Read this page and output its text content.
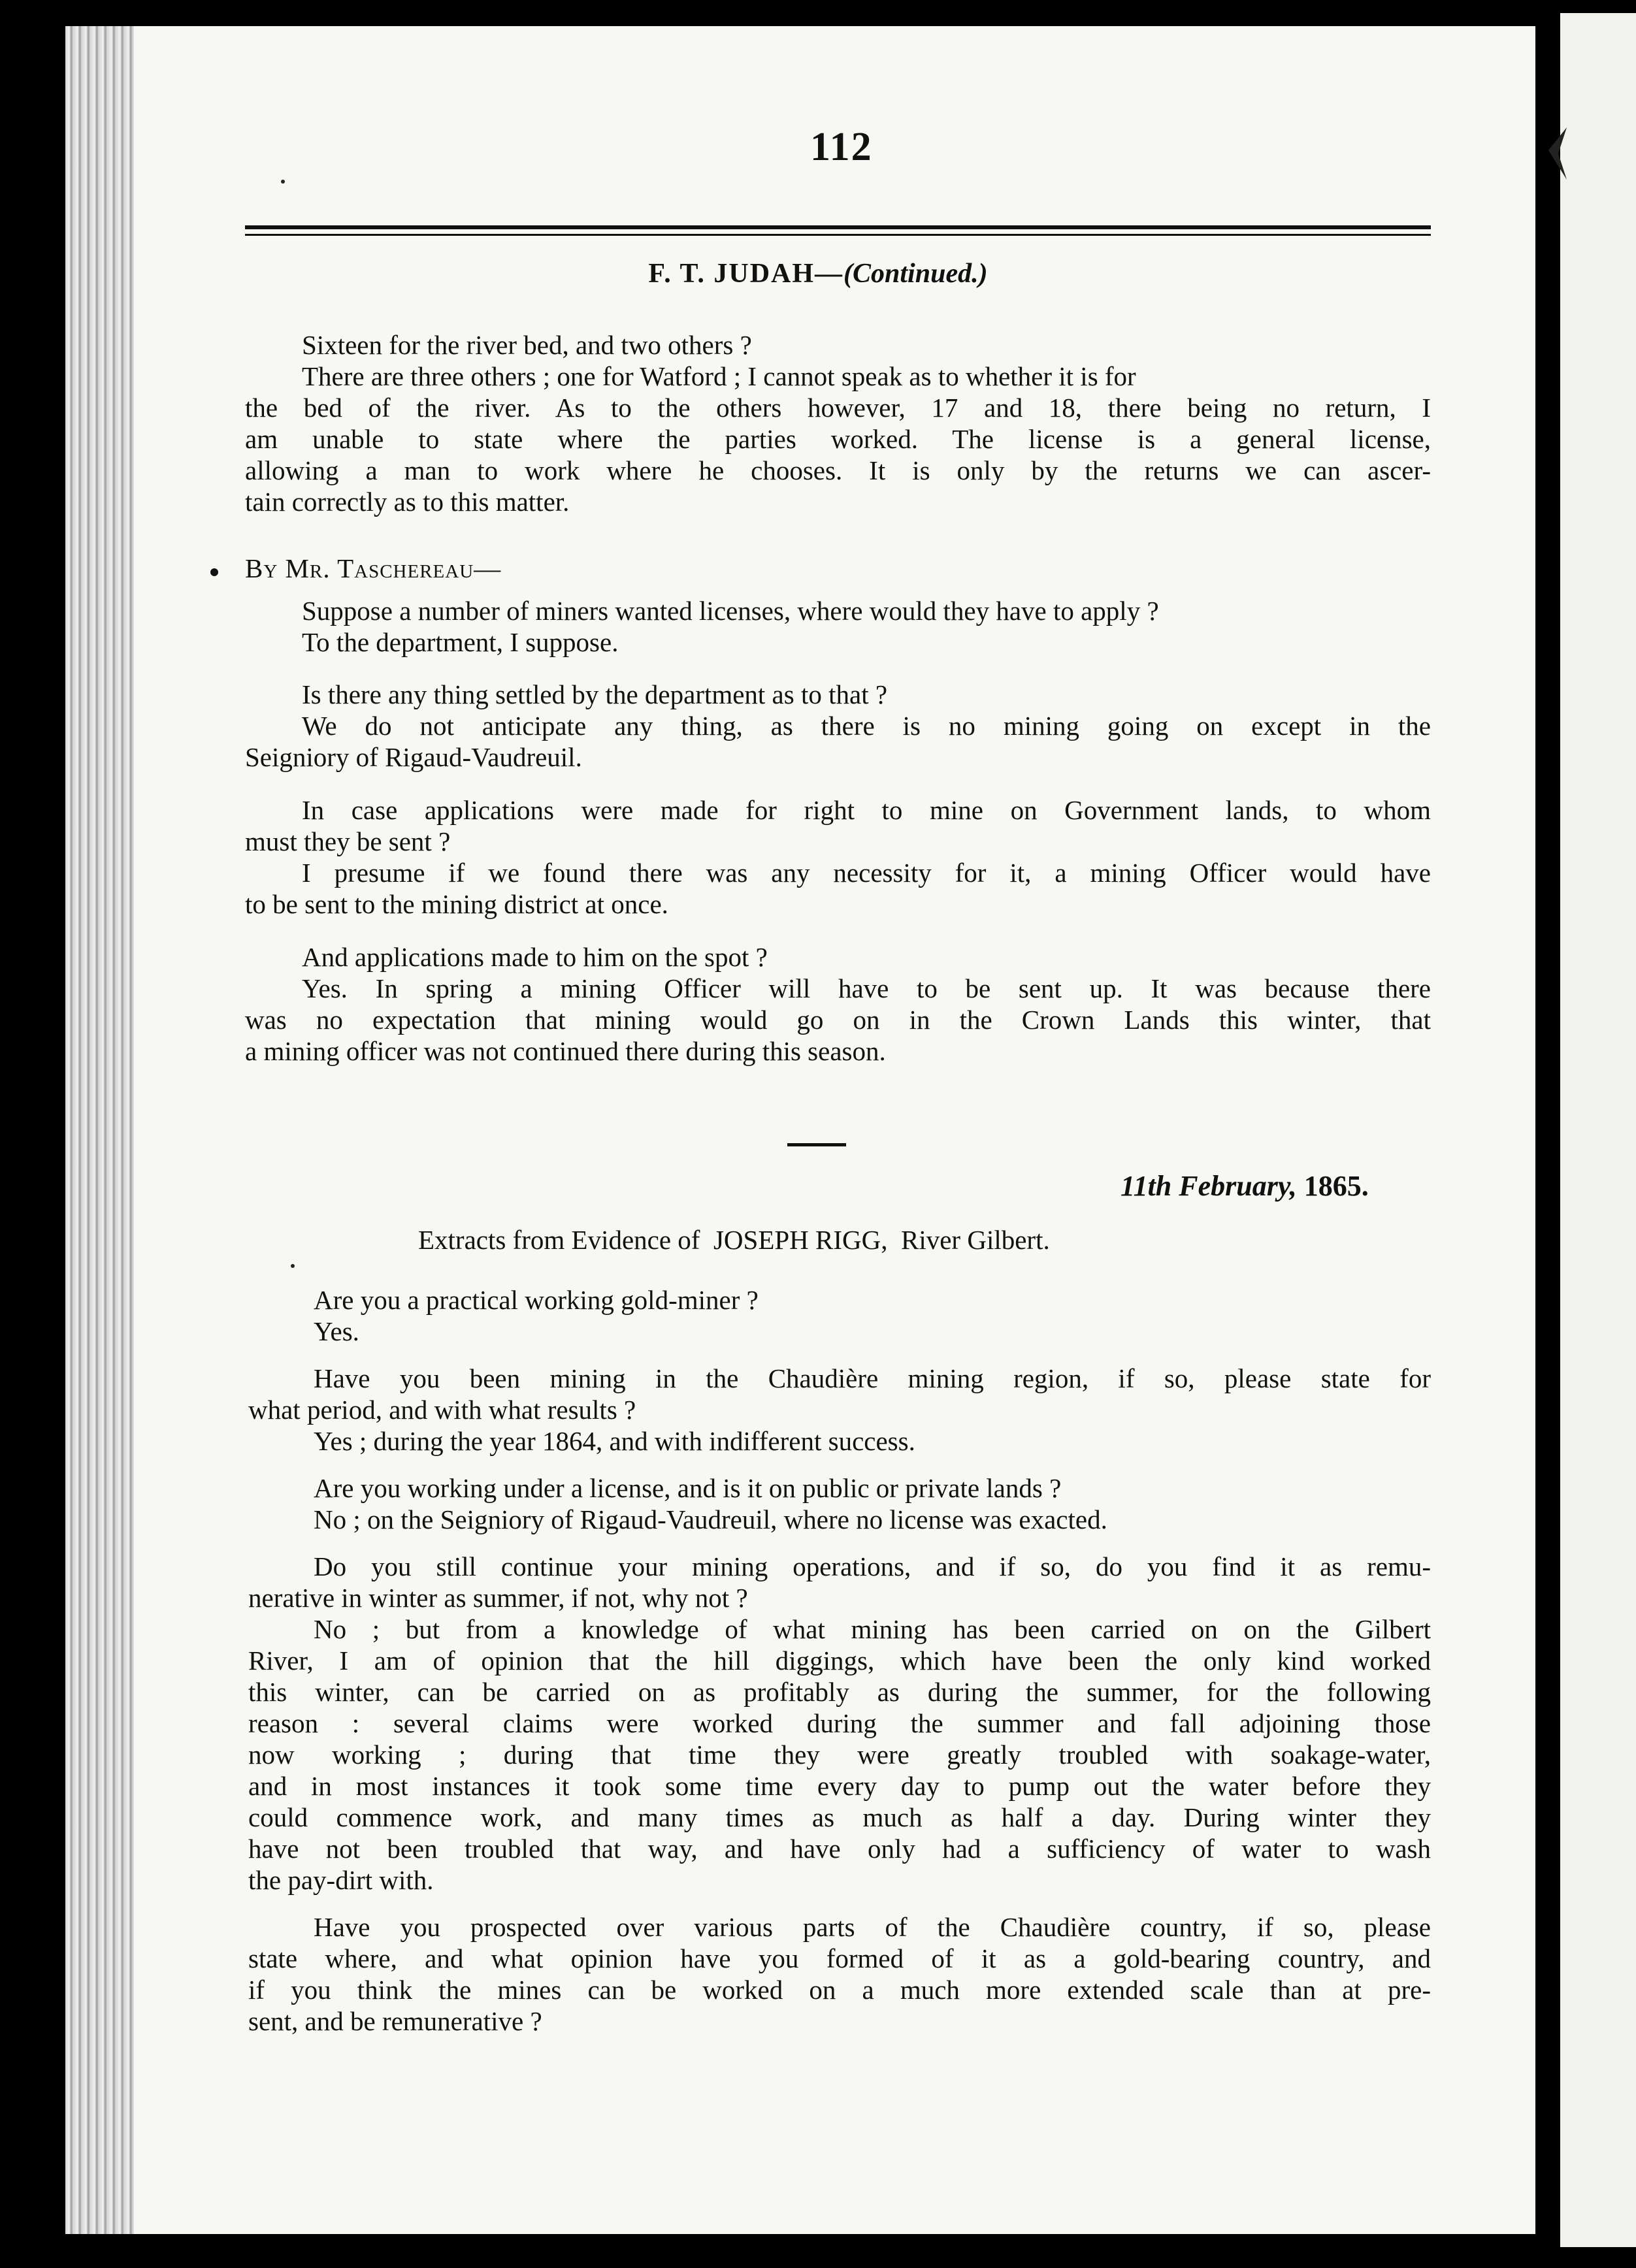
112
F. T. JUDAH—(Continued.)
Sixteen for the river bed, and two others ?
There are three others ; one for Watford ; I cannot speak as to whether it is for
the bed of the river. As to the others however, 17 and 18, there being no return, I
am unable to state where the parties worked. The license is a general license,
allowing a man to work where he chooses. It is only by the returns we can ascer-
tain correctly as to this matter.
By Mr. Taschereau—
Suppose a number of miners wanted licenses, where would they have to apply ?
To the department, I suppose.
Is there any thing settled by the department as to that ?
We do not anticipate any thing, as there is no mining going on except in the
Seigniory of Rigaud-Vaudreuil.
In case applications were made for right to mine on Government lands, to whom
must they be sent ?
I presume if we found there was any necessity for it, a mining Officer would have
to be sent to the mining district at once.
And applications made to him on the spot ?
Yes. In spring a mining Officer will have to be sent up. It was because there
was no expectation that mining would go on in the Crown Lands this winter, that
a mining officer was not continued there during this season.
11th February, 1865.
Extracts from Evidence of  JOSEPH RIGG,  River Gilbert.
Are you a practical working gold-miner ?
Yes.
Have you been mining in the Chaudière mining region, if so, please state for
what period, and with what results ?
Yes ; during the year 1864, and with indifferent success.
Are you working under a license, and is it on public or private lands ?
No ; on the Seigniory of Rigaud-Vaudreuil, where no license was exacted.
Do you still continue your mining operations, and if so, do you find it as remu-
nerative in winter as summer, if not, why not ?
No ; but from a knowledge of what mining has been carried on on the Gilbert
River, I am of opinion that the hill diggings, which have been the only kind worked
this winter, can be carried on as profitably as during the summer, for the following
reason : several claims were worked during the summer and fall adjoining those
now working ; during that time they were greatly troubled with soakage-water,
and in most instances it took some time every day to pump out the water before they
could commence work, and many times as much as half a day. During winter they
have not been troubled that way, and have only had a sufficiency of water to wash
the pay-dirt with.
Have you prospected over various parts of the Chaudière country, if so, please
state where, and what opinion have you formed of it as a gold-bearing country, and
if you think the mines can be worked on a much more extended scale than at pre-
sent, and be remunerative ?
